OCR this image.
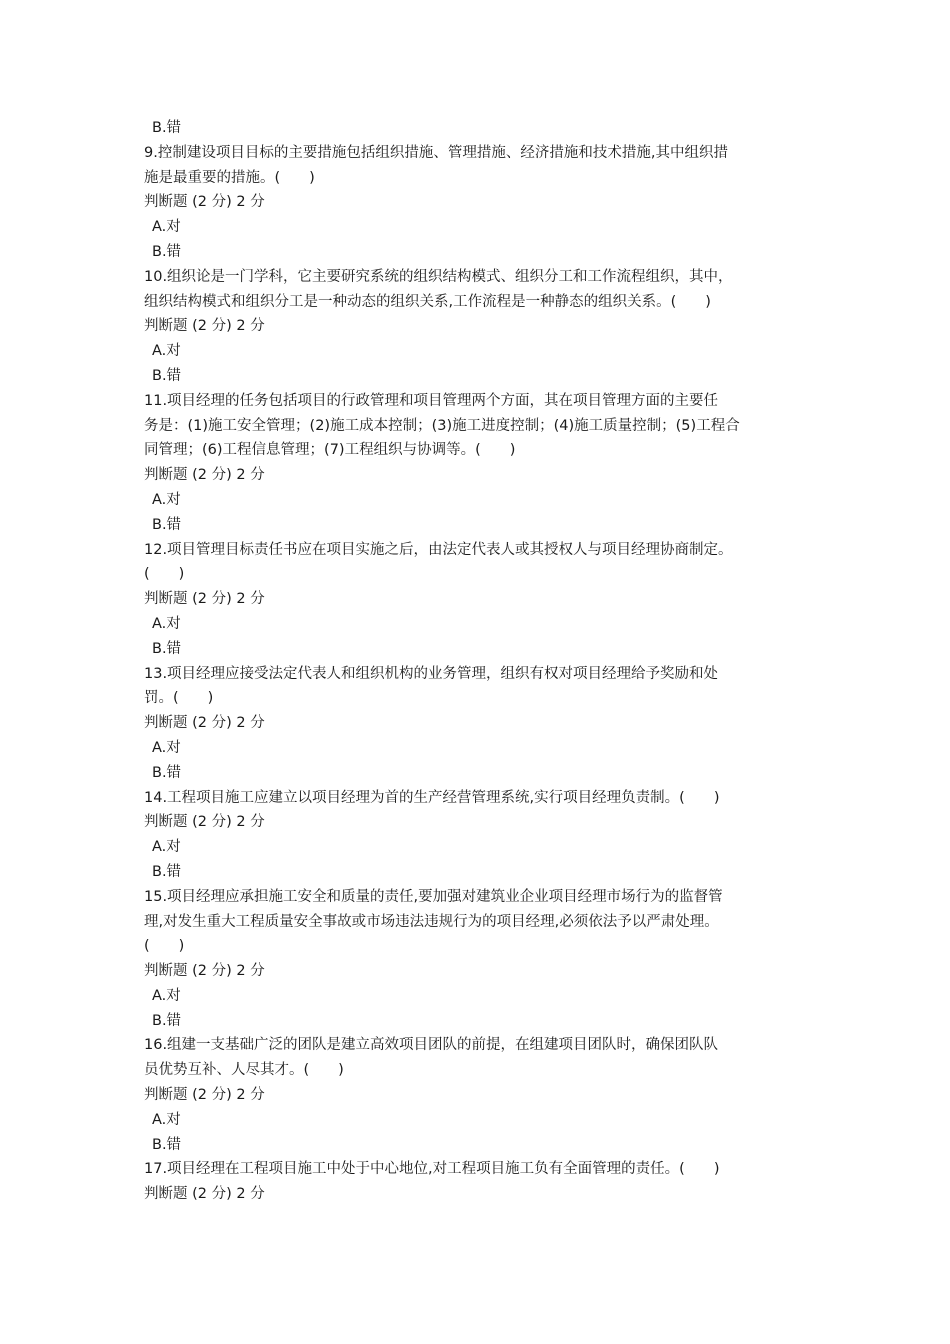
B.错
9.控制建设项目目标的主要措施包括组织措施、管理措施、经济措施和技术措施,其中组织措
施是最重要的措施。(　　)
判断题 (2 分) 2 分
A.对
B.错
10.组织论是一门学科，它主要研究系统的组织结构模式、组织分工和工作流程组织，其中，
组织结构模式和组织分工是一种动态的组织关系,工作流程是一种静态的组织关系。(　　)
判断题 (2 分) 2 分
A.对
B.错
11.项目经理的任务包括项目的行政管理和项目管理两个方面，其在项目管理方面的主要任
务是：(1)施工安全管理；(2)施工成本控制；(3)施工进度控制；(4)施工质量控制；(5)工程合
同管理；(6)工程信息管理；(7)工程组织与协调等。(　　)
判断题 (2 分) 2 分
A.对
B.错
12.项目管理目标责任书应在项目实施之后，由法定代表人或其授权人与项目经理协商制定。
(　　)
判断题 (2 分) 2 分
A.对
B.错
13.项目经理应接受法定代表人和组织机构的业务管理，组织有权对项目经理给予奖励和处
罚。(　　)
判断题 (2 分) 2 分
A.对
B.错
14.工程项目施工应建立以项目经理为首的生产经营管理系统,实行项目经理负责制。(　　)
判断题 (2 分) 2 分
A.对
B.错
15.项目经理应承担施工安全和质量的责任,要加强对建筑业企业项目经理市场行为的监督管
理,对发生重大工程质量安全事故或市场违法违规行为的项目经理,必须依法予以严肃处理。
(　　)
判断题 (2 分) 2 分
A.对
B.错
16.组建一支基础广泛的团队是建立高效项目团队的前提，在组建项目团队时，确保团队队
员优势互补、人尽其才。(　　)
判断题 (2 分) 2 分
A.对
B.错
17.项目经理在工程项目施工中处于中心地位,对工程项目施工负有全面管理的责任。(　　)
判断题 (2 分) 2 分
